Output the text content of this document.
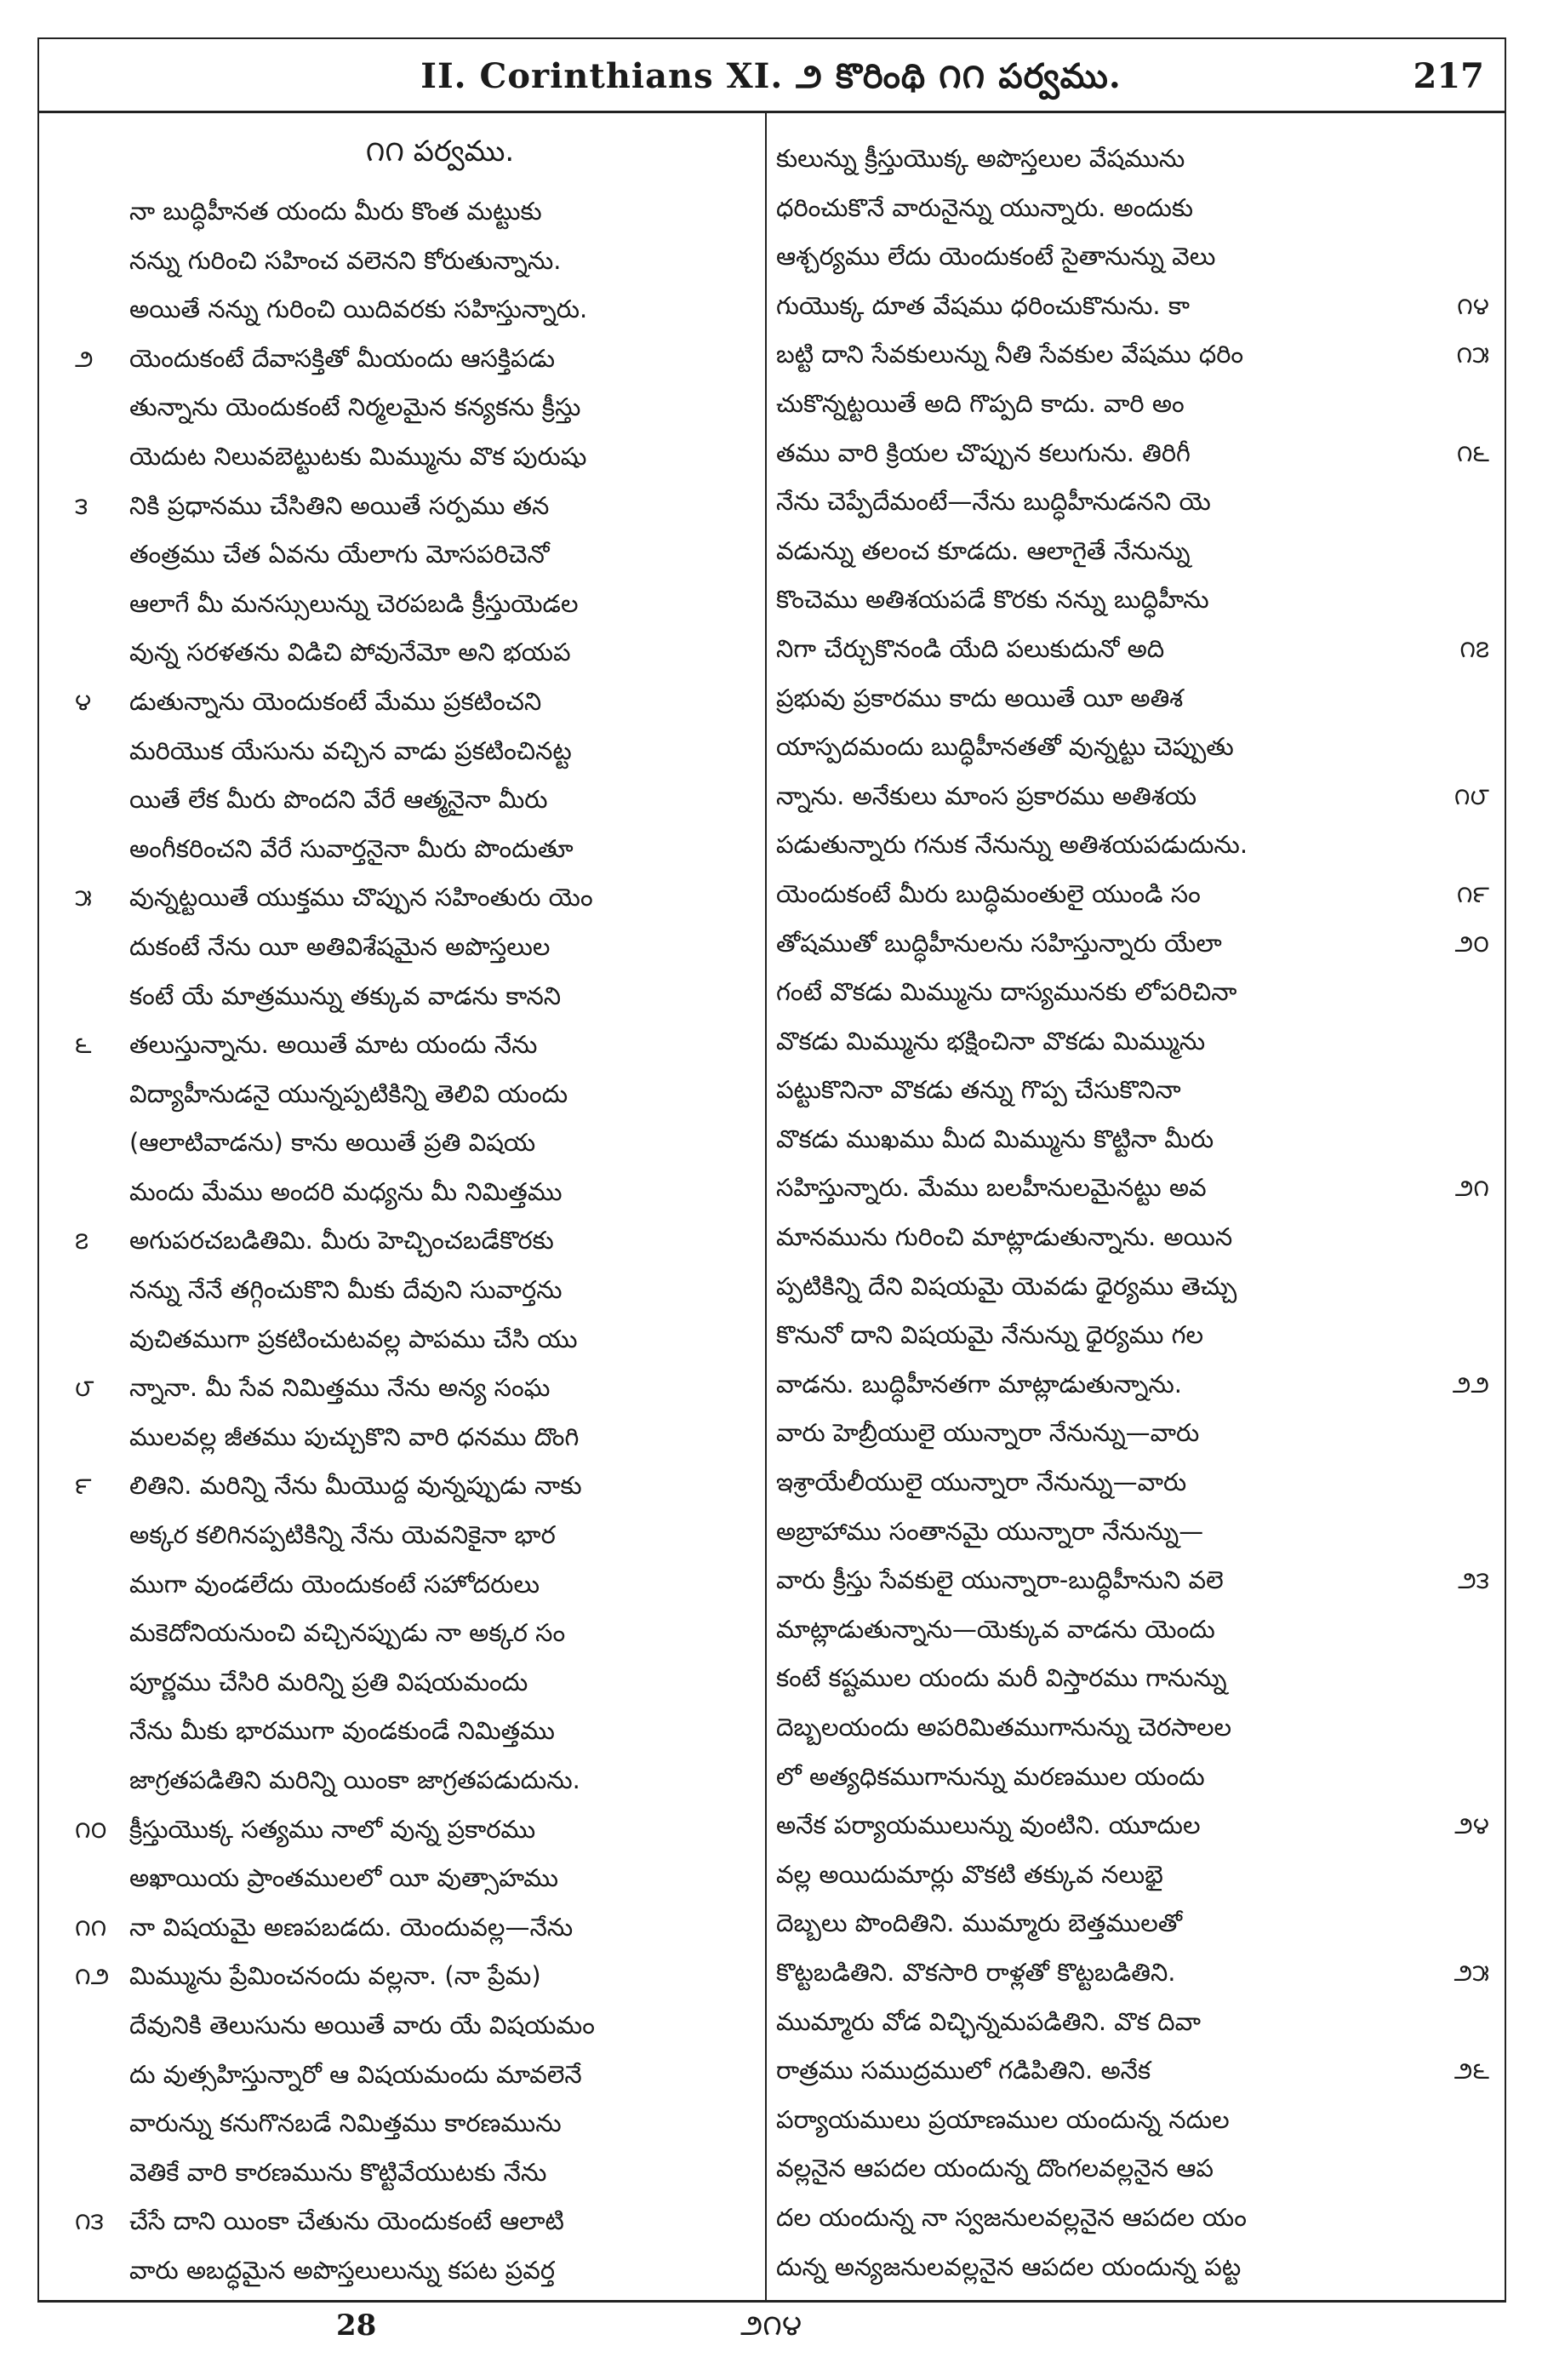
II. Corinthians XI. ౨ కొరింథి ౧౧ పర్వము.	217
నా బుద్ధిహీనత యందు మీరు కొంత మట్టుకు
నన్ను గురించి సహించ వలెనని కోరుతున్నాను.
అయితే నన్ను గురించి యిదివరకు సహిస్తున్నారు.
౨ యెందుకంటే దేవాసక్తితో మీయందు ఆసక్తిపడు
తున్నాను యెందుకంటే నిర్మలమైన కన్యకను క్రీస్తు
యెదుట నిలువబెట్టుటకు మిమ్మును వొక పురుషు
౩ నికి ప్రధానము చేసితిని అయితే సర్పము తన
తంత్రము చేత ఏవను యేలాగు మోసపరిచెనో
ఆలాగే మీ మనస్సులున్ను చెరపబడి క్రీస్తుయెడల
వున్న సరళతను విడిచి పోవునేమో అని భయప
౪ డుతున్నాను యెందుకంటే మేము ప్రకటించని
మరియొక యేసును వచ్చిన వాడు ప్రకటించినట్ట
యితే లేక మీరు పొందని వేరే ఆత్మనైనా మీరు
అంగీకరించని వేరే సువార్తనైనా మీరు పొందుతూ
౫ వున్నట్టయితే యుక్తము చొప్పున సహింతురు యెం
దుకంటే నేను యీ అతివిశేషమైన అపొస్తలుల
కంటే యే మాత్రమున్ను తక్కువ వాడను కానని
౬ తలుస్తున్నాను. అయితే మాట యందు నేను
విద్యాహీనుడనై యున్నప్పటికిన్ని తెలివి యందు
(ఆలాటివాడను) కాను అయితే ప్రతి విషయ
మందు మేము అందరి మధ్యను మీ నిమిత్తము
౭ అగుపరచబడితిమి. మీరు హెచ్చించబడేకొరకు
నన్ను నేనే తగ్గించుకొని మీకు దేవుని సువార్తను
వుచితముగా ప్రకటించుటవల్ల పాపము చేసి యు
౮ న్నానా. మీ సేవ నిమిత్తము నేను అన్య సంఘ
ములవల్ల జీతము పుచ్చుకొని వారి ధనము దొంగి
౯ లితిని. మరిన్ని నేను మీయొద్ద వున్నప్పుడు నాకు
అక్కర కలిగినప్పటికిన్ని నేను యెవనికైనా భార
ముగా వుండలేదు యెందుకంటే సహోదరులు
మకెదోనియనుంచి వచ్చినప్పుడు నా అక్కర సం
పూర్ణము చేసిరి మరిన్ని ప్రతి విషయమందు
నేను మీకు భారముగా వుండకుండే నిమిత్తము
జాగ్రతపడితిని మరిన్ని యింకా జాగ్రతపడుదును.
౧౦ క్రీస్తుయొక్క సత్యము నాలో వున్న ప్రకారము
అఖాయియ ప్రాంతములలో యీ వుత్సాహము
౧౧ నా విషయమై అణపబడదు. యెందువల్ల—నేను
౧౨ మిమ్మును ప్రేమించనందు వల్లనా. (నా ప్రేమ)
దేవునికి తెలుసును అయితే వారు యే విషయమం
దు వుత్సహిస్తున్నారో ఆ విషయమందు మావలెనే
వారున్ను కనుగొనబడే నిమిత్తము కారణమును
వెతికే వారి కారణమును కొట్టివేయుటకు నేను
౧౩ చేసే దాని యింకా చేతును యెందుకంటే ఆలాటి
వారు అబద్ధమైన అపొస్తలులున్ను కపట ప్రవర్త
౧౧ పర్వము.	కులున్ను క్రీస్తుయొక్క అపొస్తలుల వేషమును
ధరించుకొనే వారునైన్ను యున్నారు. అందుకు
ఆశ్చర్యము లేదు యెందుకంటే సైతానున్ను వెలు
౧౪
గుయొక్క దూత వేషము ధరించుకొనును. కా
౧౫
బట్టి దాని సేవకులున్ను నీతి సేవకుల వేషము ధరిం
చుకొన్నట్టయితే అది గొప్పది కాదు. వారి అం
౧౬
తము వారి క్రియల చొప్పున కలుగును. తిరిగీ
నేను చెప్పేదేమంటే—నేను బుద్ధిహీనుడనని యె
వడున్ను తలంచ కూడదు. ఆలాగైతే నేనున్ను
కొంచెము అతిశయపడే కొరకు నన్ను బుద్ధిహీను
౧౭
నిగా చేర్చుకొనండి యేది పలుకుదునో అది
ప్రభువు ప్రకారము కాదు అయితే యీ అతిశ
యాస్పదమందు బుద్ధిహీనతతో వున్నట్టు చెప్పుతు
౧౮
న్నాను. అనేకులు మాంస ప్రకారము అతిశయ
పడుతున్నారు గనుక నేనున్ను అతిశయపడుదును.
౧౯
యెందుకంటే మీరు బుద్ధిమంతులై యుండి సం
౨౦
తోషముతో బుద్ధిహీనులను సహిస్తున్నారు యేలా
గంటే వొకడు మిమ్మును దాస్యమునకు లోపరిచినా
వొకడు మిమ్మును భక్షించినా వొకడు మిమ్మును
పట్టుకొనినా వొకడు తన్ను గొప్ప చేసుకొనినా
వొకడు ముఖము మీద మిమ్మును కొట్టినా మీరు
౨౧
సహిస్తున్నారు. మేము బలహీనులమైనట్టు అవ
మానమును గురించి మాట్లాడుతున్నాను. అయిన
ప్పటికిన్ని దేని విషయమై యెవడు ధైర్యము తెచ్చు
కొనునో దాని విషయమై నేనున్ను ధైర్యము గల
౨౨
వాడను. బుద్ధిహీనతగా మాట్లాడుతున్నాను.
వారు హెబ్రీయులై యున్నారా నేనున్ను—వారు
ఇశ్రాయేలీయులై యున్నారా నేనున్ను—వారు
అబ్రాహాము సంతానమై యున్నారా నేనున్ను—
౨౩
వారు క్రీస్తు సేవకులై యున్నారా-బుద్ధిహీనుని వలె
మాట్లాడుతున్నాను—యెక్కువ వాడను యెందు
కంటే కష్టముల యందు మరీ విస్తారము గానున్ను
దెబ్బలయందు అపరిమితముగానున్ను చెరసాలల
లో అత్యధికముగానున్ను మరణముల యందు
౨౪
అనేక పర్యాయములున్ను వుంటిని. యూదుల
వల్ల అయిదుమార్లు వొకటి తక్కువ నలుభై
దెబ్బలు పొందితిని. ముమ్మారు బెత్తములతో
౨౫
కొట్టబడితిని. వొకసారి రాళ్లతో కొట్టబడితిని.
ముమ్మారు వోడ విచ్ఛిన్నమపడితిని. వొక దివా
౨౬
రాత్రము సముద్రములో గడిపితిని. అనేక
పర్యాయములు ప్రయాణముల యందున్న నదుల
వల్లనైన ఆపదల యందున్న దొంగలవల్లనైన ఆప
దల యందున్న నా స్వజనులవల్లనైన ఆపదల యం
దున్న అన్యజనులవల్లనైన ఆపదల యందున్న పట్ట
28	౨౧౪
